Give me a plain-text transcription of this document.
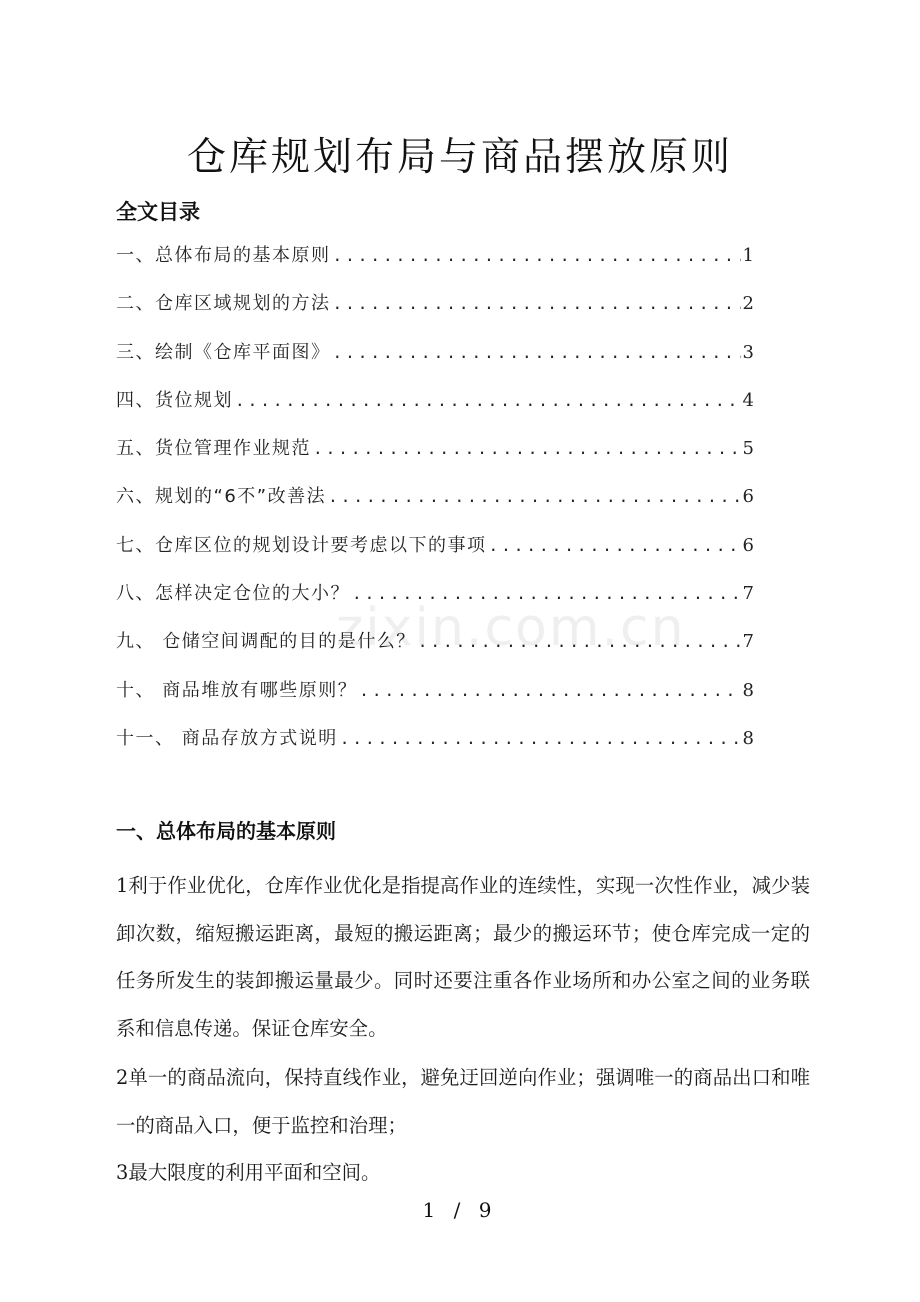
zixin.com.cn
仓库规划布局与商品摆放原则
全文目录
一、总体布局的基本原则 .....	1
二、仓库区域规划的方法 .....	2
三、绘制《仓库平面图》 .....	3
四、货位规划 .....	4
五、货位管理作业规范 .....	5
六、规划的“6不”改善法 .....	6
七、仓库区位的规划设计要考虑以下的事项 .....	6
八、怎样决定仓位的大小？ .....	7
九、 仓储空间调配的目的是什么？ .....	7
十、 商品堆放有哪些原则？ .....	8
十一、 商品存放方式说明 .....	8
一、总体布局的基本原则

1利于作业优化，仓库作业优化是指提高作业的连续性，实现一次性作业，减少装卸次数，缩短搬运距离，最短的搬运距离；最少的搬运环节；使仓库完成一定的任务所发生的装卸搬运量最少。同时还要注重各作业场所和办公室之间的业务联系和信息传递。保证仓库安全。

2单一的商品流向，保持直线作业，避免迂回逆向作业；强调唯一的商品出口和唯一的商品入口，便于监控和治理；

3最大限度的利用平面和空间。

1 / 9
